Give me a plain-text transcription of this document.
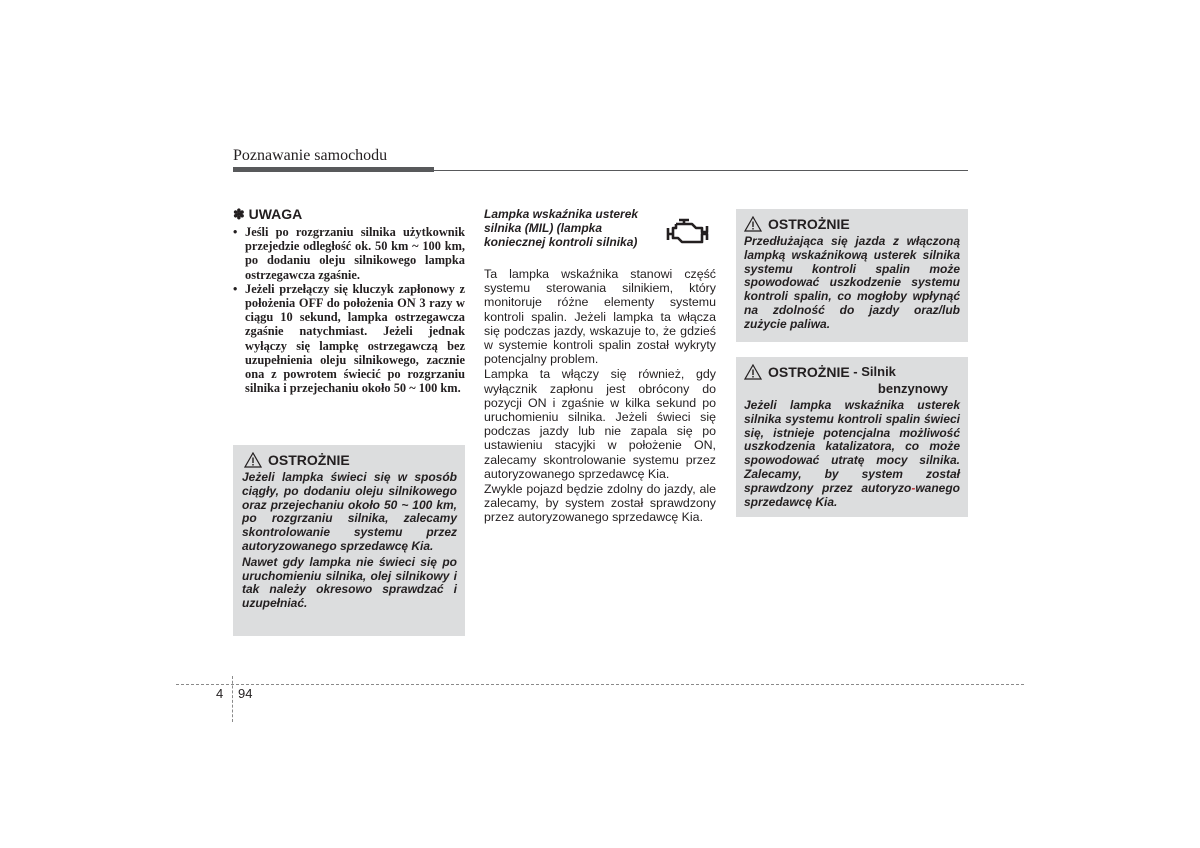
Poznawanie samochodu
✽ UWAGA
• Jeśli po rozgrzaniu silnika użytkownik przejedzie odległość ok. 50 km ~ 100 km, po dodaniu oleju silnikowego lampka ostrzegawcza zgaśnie.
• Jeżeli przełączy się kluczyk zapłonowy z położenia OFF do położenia ON 3 razy w ciągu 10 sekund, lampka ostrzegawcza zgaśnie natychmiast. Jeżeli jednak wyłączy się lampkę ostrzegawczą bez uzupełnienia oleju silnikowego, zacznie ona z powrotem świecić po rozgrzaniu silnika i przejechaniu około 50 ~ 100 km.
OSTROŻNIE

Jeżeli lampka świeci się w sposób ciągły, po dodaniu oleju silnikowego oraz przejechaniu około 50 ~ 100 km, po rozgrzaniu silnika, zalecamy skontrolowanie systemu przez autoryzowanego sprzedawcę Kia.

Nawet gdy lampka nie świeci się po uruchomieniu silnika, olej silnikowy i tak należy okresowo sprawdzać i uzupełniać.

Lampka wskaźnika usterek silnika (MIL) (lampka koniecznej kontroli silnika)

Ta lampka wskaźnika stanowi część systemu sterowania silnikiem, który monitoruje różne elementy systemu kontroli spalin. Jeżeli lampka ta włącza się podczas jazdy, wskazuje to, że gdzieś w systemie kontroli spalin został wykryty potencjalny problem.

Lampka ta włączy się również, gdy wyłącznik zapłonu jest obrócony do pozycji ON i zgaśnie w kilka sekund po uruchomieniu silnika. Jeżeli świeci się podczas jazdy lub nie zapala się po ustawieniu stacyjki w położenie ON, zalecamy skontrolowanie systemu przez autoryzowanego sprzedawcę Kia.

Zwykle pojazd będzie zdolny do jazdy, ale zalecamy, by system został sprawdzony przez autoryzowanego sprzedawcę Kia.

OSTROŻNIE

Przedłużająca się jazda z włączoną lampką wskaźnikową usterek silnika systemu kontroli spalin może spowodować uszkodzenie systemu kontroli spalin, co mogłoby wpłynąć na zdolność do jazdy oraz/lub zużycie paliwa.

OSTROŻNIE - Silnik
benzynowy

Jeżeli lampka wskaźnika usterek silnika systemu kontroli spalin świeci się, istnieje potencjalna możliwość uszkodzenia katalizatora, co może spowodować utratę mocy silnika. Zalecamy, by system został sprawdzony przez autoryzo-wanego sprzedawcę Kia.

4 94
